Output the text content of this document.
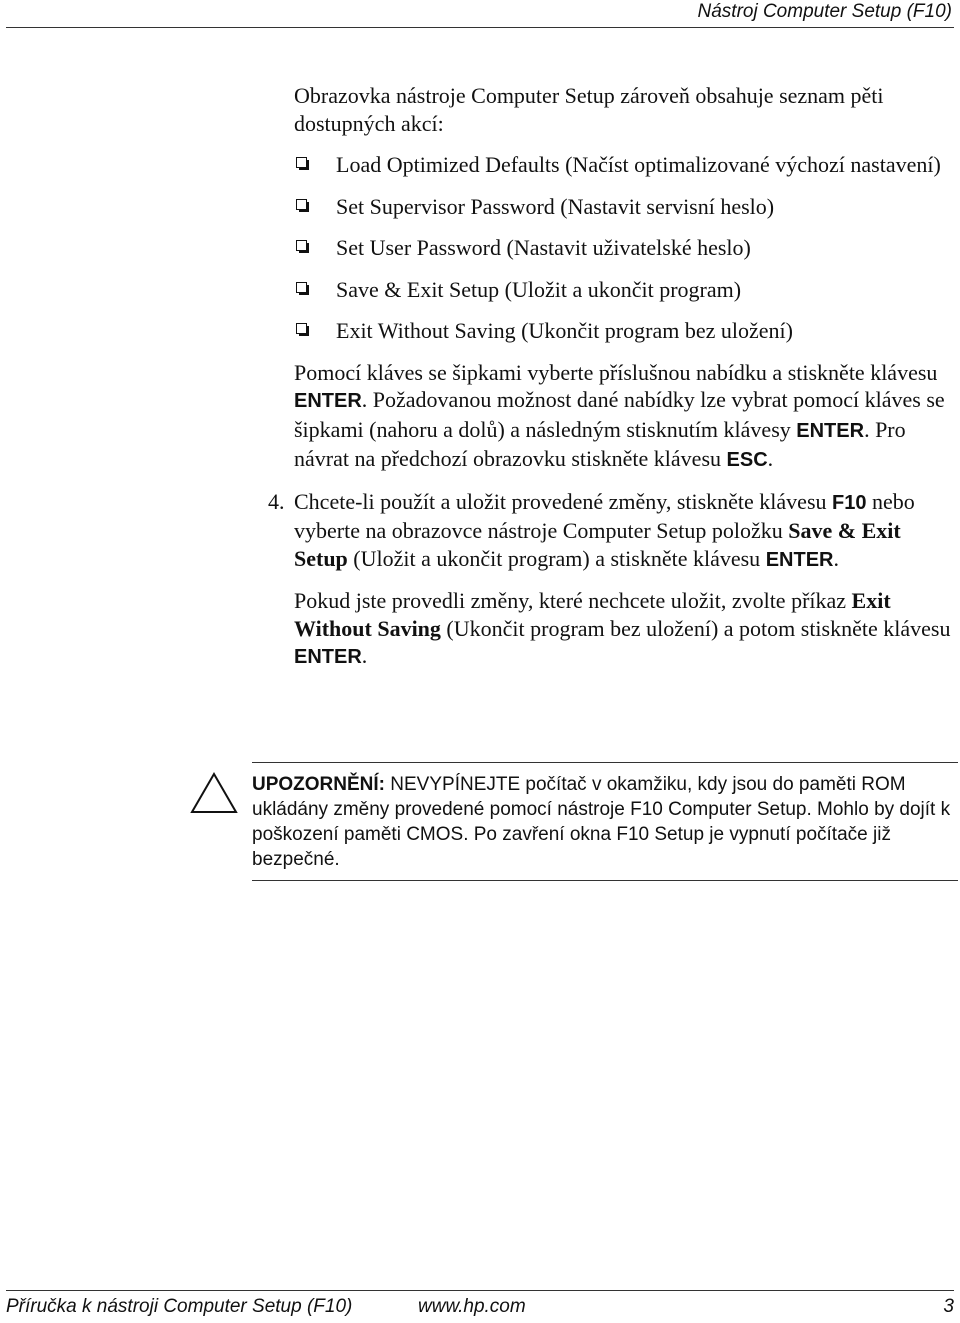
Nástroj Computer Setup (F10)

Obrazovka nástroje Computer Setup zároveň obsahuje seznam pěti dostupných akcí:

Load Optimized Defaults (Načíst optimalizované výchozí nastavení)
Set Supervisor Password (Nastavit servisní heslo)
Set User Password (Nastavit uživatelské heslo)
Save & Exit Setup (Uložit a ukončit program)
Exit Without Saving (Ukončit program bez uložení)

Pomocí kláves se šipkami vyberte příslušnou nabídku a stiskněte klávesu ENTER. Požadovanou možnost dané nabídky lze vybrat pomocí kláves se šipkami (nahoru a dolů) a následným stisknutím klávesy ENTER. Pro návrat na předchozí obrazovku stiskněte klávesu ESC.

4. Chcete-li použít a uložit provedené změny, stiskněte klávesu F10 nebo vyberte na obrazovce nástroje Computer Setup položku Save & Exit Setup (Uložit a ukončit program) a stiskněte klávesu ENTER.

Pokud jste provedli změny, které nechcete uložit, zvolte příkaz Exit Without Saving (Ukončit program bez uložení) a potom stiskněte klávesu ENTER.

UPOZORNĚNÍ: NEVYPÍNEJTE počítač v okamžiku, kdy jsou do paměti ROM ukládány změny provedené pomocí nástroje F10 Computer Setup. Mohlo by dojít k poškození paměti CMOS. Po zavření okna F10 Setup je vypnutí počítače již bezpečné.
Příručka k nástroji Computer Setup (F10)	www.hp.com	3
